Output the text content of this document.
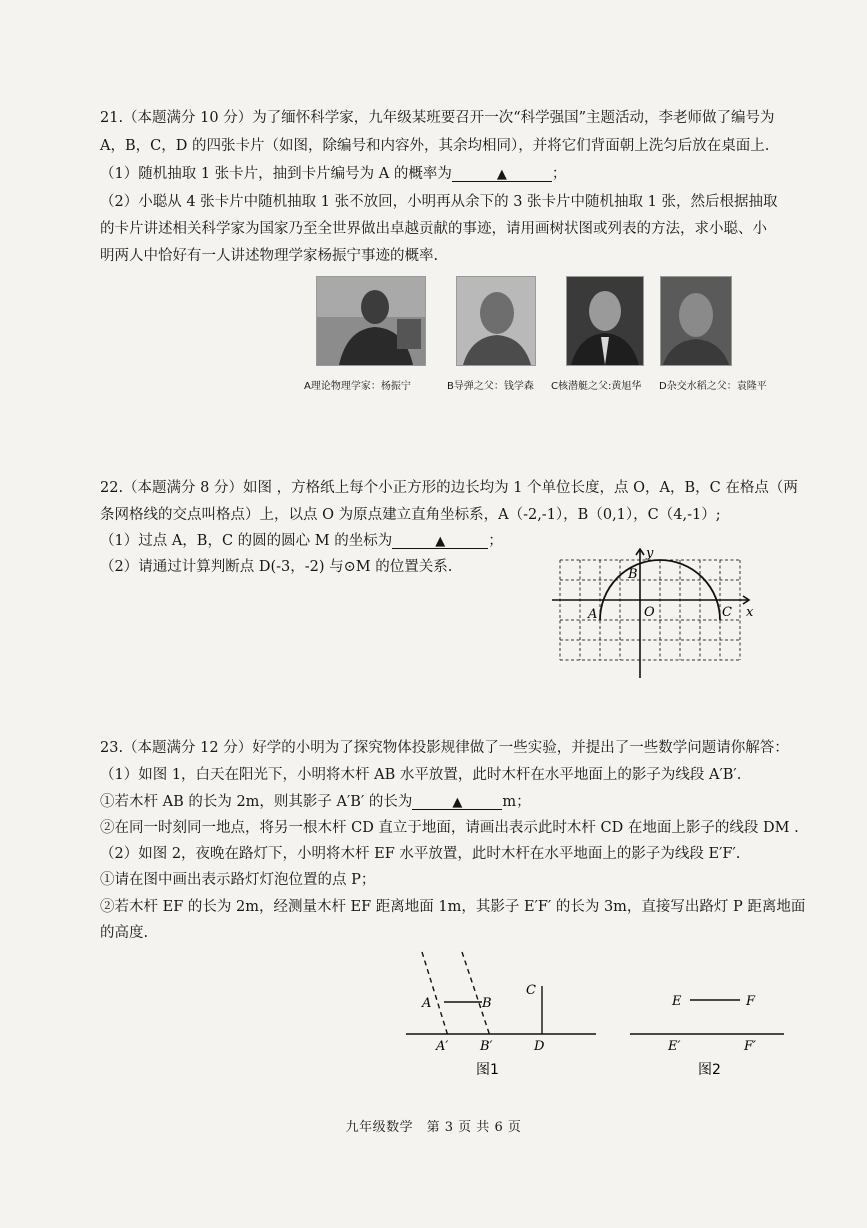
21.（本题满分 10 分）为了缅怀科学家，九年级某班要召开一次“科学强国”主题活动，李老师做了编号为
A，B，C，D 的四张卡片（如图，除编号和内容外，其余均相同），并将它们背面朝上洗匀后放在桌面上.
（1）随机抽取 1 张卡片，抽到卡片编号为 A 的概率为	▲	；
（2）小聪从 4 张卡片中随机抽取 1 张不放回，小明再从余下的 3 张卡片中随机抽取 1 张，然后根据抽取
的卡片讲述相关科学家为国家乃至全世界做出卓越贡献的事迹，请用画树状图或列表的方法，求小聪、小
明两人中恰好有一人讲述物理学家杨振宁事迹的概率.
A理论物理学家：杨振宁	B导弹之父：钱学森 C核潜艇之父:黄旭华 D杂交水稻之父：袁隆平
22.（本题满分 8 分）如图 ，方格纸上每个小正方形的边长均为 1 个单位长度，点 O，A，B，C 在格点（两
条网格线的交点叫格点）上，以点 O 为原点建立直角坐标系，A（-2,-1），B（0,1），C（4,-1）;
（1）过点 A，B，C 的圆的圆心 M 的坐标为	▲	；
（2）请通过计算判断点 D(-3，-2) 与⊙M 的位置关系.
y
x
A
B
O	C
23.（本题满分 12 分）好学的小明为了探究物体投影规律做了一些实验，并提出了一些数学问题请你解答：
（1）如图 1，白天在阳光下，小明将木杆 AB 水平放置，此时木杆在水平地面上的影子为线段 A′B′.
①若木杆 AB 的长为 2m，则其影子 A′B′ 的长为	▲	m；
②在同一时刻同一地点，将另一根木杆 CD 直立于地面，请画出表示此时木杆 CD 在地面上影子的线段 DM .
（2）如图 2，夜晚在路灯下，小明将木杆 EF 水平放置，此时木杆在水平地面上的影子为线段 E′F′.
①请在图中画出表示路灯灯泡位置的点 P；
②若木杆 EF 的长为 2m，经测量木杆 EF 距离地面 1m，其影子 E′F′ 的长为 3m，直接写出路灯 P 距离地面
的高度.
A	B
C
A′ B′	D
图1
E	F
E′	F′
图2
九年级数学　第 3 页 共 6 页
